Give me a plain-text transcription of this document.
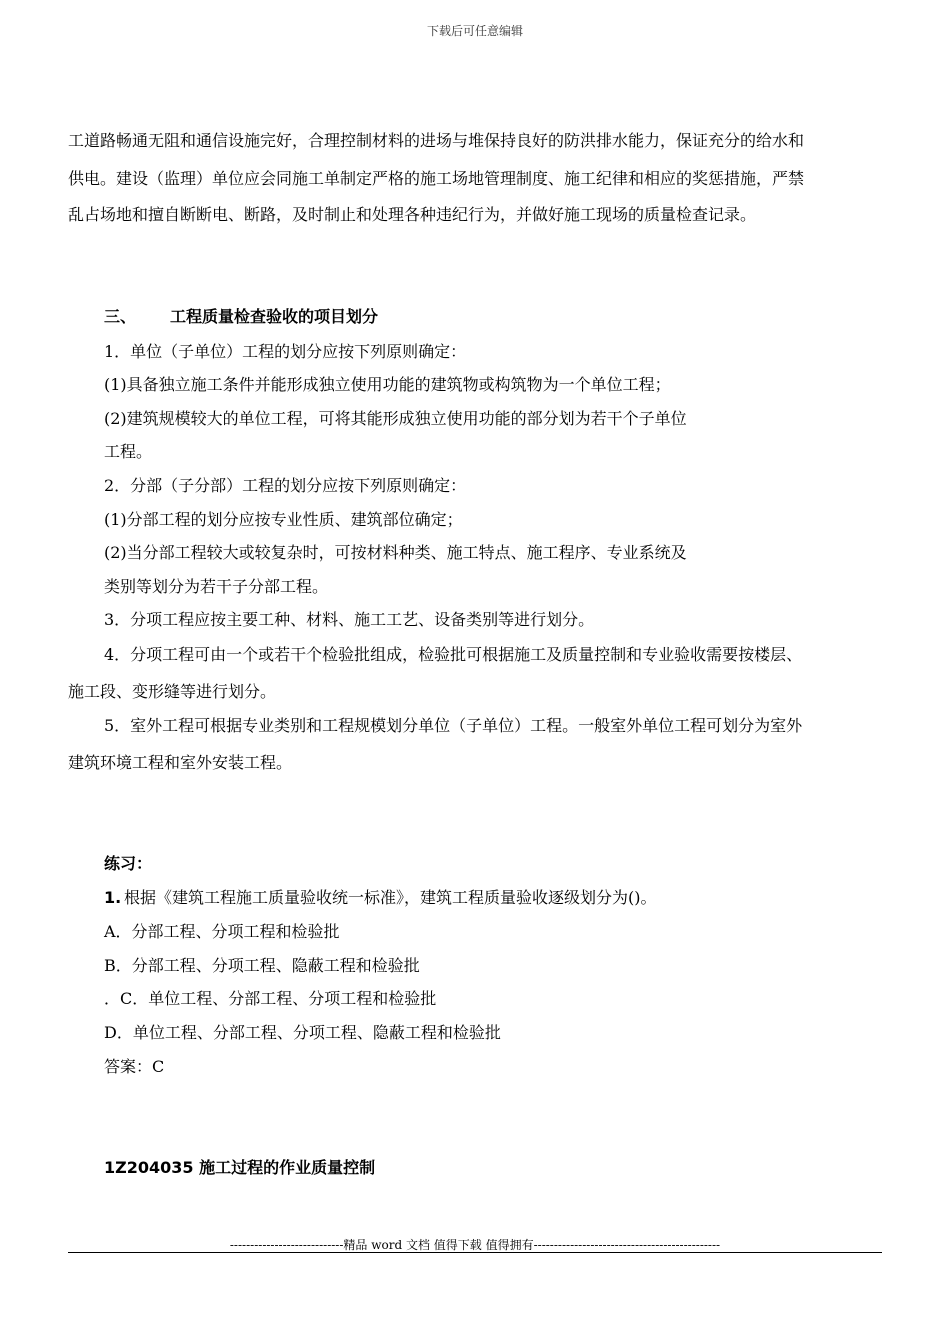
下载后可任意编辑
工道路畅通无阻和通信设施完好，合理控制材料的进场与堆保持良好的防洪排水能力，保证充分的给水和
供电。建设（监理）单位应会同施工单制定严格的施工场地管理制度、施工纪律和相应的奖惩措施，严禁
乱占场地和擅自断断电、断路，及时制止和处理各种违纪行为，并做好施工现场的质量检查记录。
三、 工程质量检查验收的项目划分
1．单位（子单位）工程的划分应按下列原则确定：
(1)具备独立施工条件并能形成独立使用功能的建筑物或构筑物为一个单位工程；
(2)建筑规模较大的单位工程，可将其能形成独立使用功能的部分划为若干个子单位
工程。
2．分部（子分部）工程的划分应按下列原则确定：
(1)分部工程的划分应按专业性质、建筑部位确定；
(2)当分部工程较大或较复杂时，可按材料种类、施工特点、施工程序、专业系统及
类别等划分为若干子分部工程。
3．分项工程应按主要工种、材料、施工工艺、设备类别等进行划分。
4．分项工程可由一个或若干个检验批组成，检验批可根据施工及质量控制和专业验收需要按楼层、
施工段、变形缝等进行划分。
5．室外工程可根据专业类别和工程规模划分单位（子单位）工程。一般室外单位工程可划分为室外
建筑环境工程和室外安装工程。
练习：
1. 根据《建筑工程施工质量验收统一标准》，建筑工程质量验收逐级划分为()。
A．分部工程、分项工程和检验批
B．分部工程、分项工程、隐蔽工程和检验批
．C．单位工程、分部工程、分项工程和检验批
D．单位工程、分部工程、分项工程、隐蔽工程和检验批
答案：C
1Z204035 施工过程的作业质量控制
----------------------------精品 word 文档 值得下载 值得拥有----------------------------------------------
